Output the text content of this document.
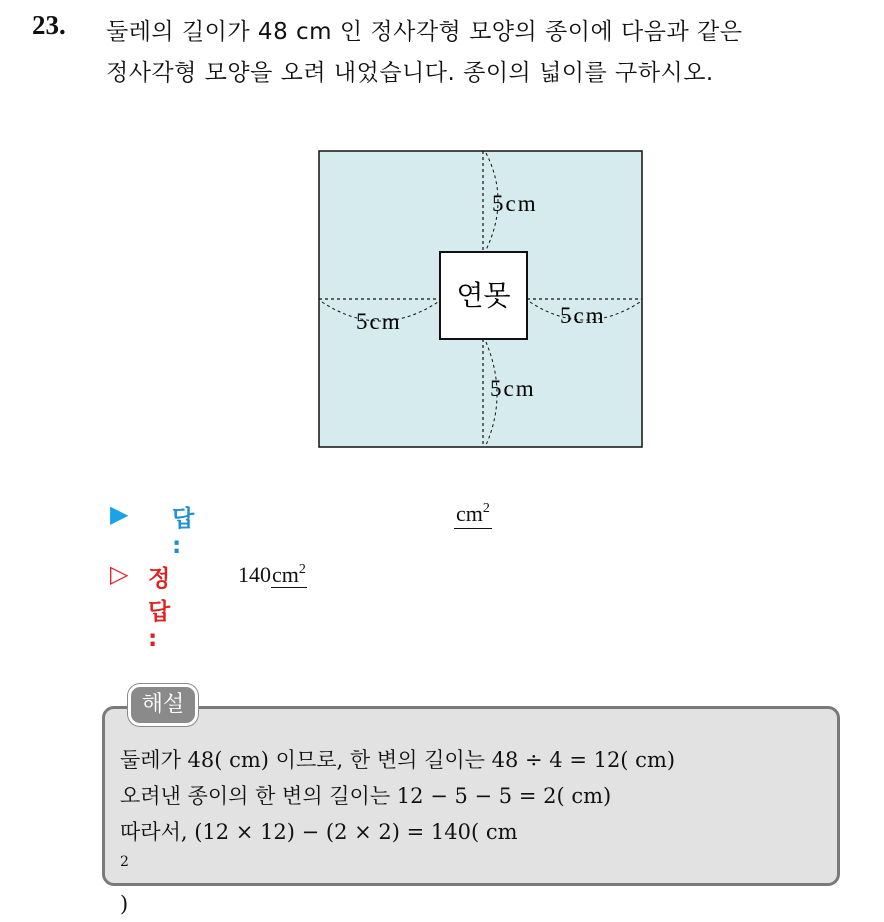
23. 둘레의 길이가 48 cm 인 정사각형 모양의 종이에 다음과 같은
정사각형 모양을 오려 내었습니다. 종이의 넓이를 구하시오.
연못
5cm
5cm	5cm
5cm
▶ 답 :
$cm^2$
▷ 정답 :
$140cm^2$
해설
둘레가 48( cm) 이므로, 한 변의 길이는 48 ÷ 4 = 12( cm)
오려낸 종이의 한 변의 길이는 12 − 5 − 5 = 2( cm)
따라서, (12 × 12) − (2 × 2) = 140( cm
$^2$
)
